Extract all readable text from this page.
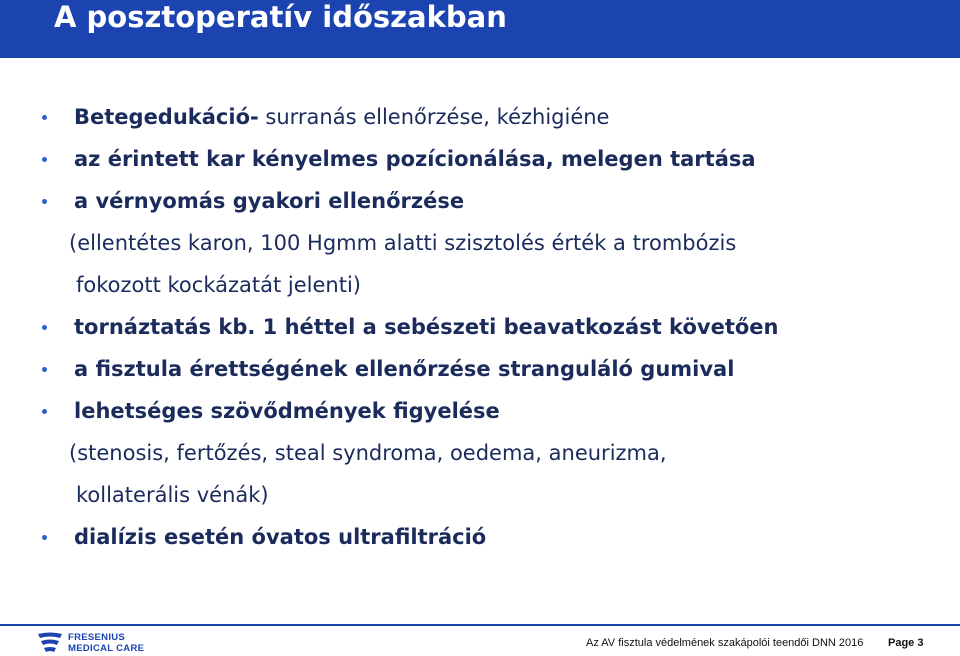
A posztoperatív időszakban
Betegedukáció- surranás ellenőrzése, kézhigiéne
az érintett kar kényelmes pozícionálása, melegen tartása
a vérnyomás gyakori ellenőrzése
(ellentétes karon, 100 Hgmm alatti szisztolés érték a trombózis
fokozott kockázatát jelenti)
tornáztatás kb. 1 héttel a sebészeti beavatkozást követően
a fisztula érettségének ellenőrzése stranguláló gumival
lehetséges szövődmények figyelése
(stenosis, fertőzés, steal syndroma, oedema, aneurizma,
kollaterális vénák)
dialízis esetén óvatos ultrafiltráció
FRESENIUS
MEDICAL CARE	Az AV fisztula védelmének szakápolói teendői DNN 2016 Page 3
